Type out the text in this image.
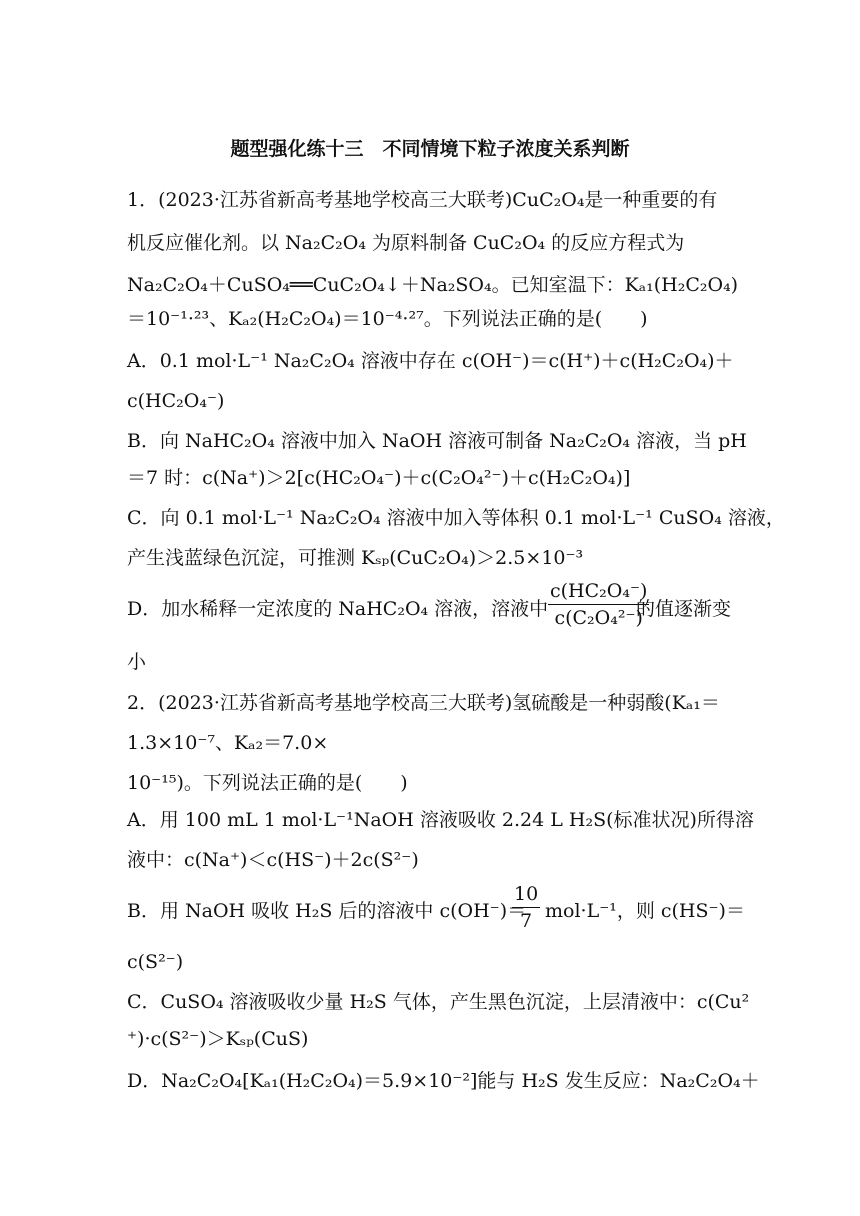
题型强化练十三　不同情境下粒子浓度关系判断
1．(2023·江苏省新高考基地学校高三大联考)CuC₂O₄是一种重要的有
机反应催化剂。以 Na₂C₂O₄ 为原料制备 CuC₂O₄ 的反应方程式为
Na₂C₂O₄＋CuSO₄══CuC₂O₄↓＋Na₂SO₄。已知室温下：Kₐ₁(H₂C₂O₄)
＝10⁻¹·²³、Kₐ₂(H₂C₂O₄)＝10⁻⁴·²⁷。下列说法正确的是(　　)
A．0.1 mol·L⁻¹ Na₂C₂O₄ 溶液中存在 c(OH⁻)＝c(H⁺)＋c(H₂C₂O₄)＋
c(HC₂O₄⁻)
B．向 NaHC₂O₄ 溶液中加入 NaOH 溶液可制备 Na₂C₂O₄ 溶液，当 pH
＝7 时：c(Na⁺)＞2[c(HC₂O₄⁻)＋c(C₂O₄²⁻)＋c(H₂C₂O₄)]
C．向 0.1 mol·L⁻¹ Na₂C₂O₄ 溶液中加入等体积 0.1 mol·L⁻¹ CuSO₄ 溶液，
产生浅蓝绿色沉淀，可推测 Kₛₚ(CuC₂O₄)＞2.5×10⁻³
D．加水稀释一定浓度的 NaHC₂O₄ 溶液，溶液中 $\frac{\text{c(HC₂O₄⁻)}}{\text{c(C₂O₄²⁻)}}$
的值逐渐变
小
2．(2023·江苏省新高考基地学校高三大联考)氢硫酸是一种弱酸(Kₐ₁＝
1.3×10⁻⁷、Kₐ₂＝7.0×
10⁻¹⁵)。下列说法正确的是(　　)
A．用 100 mL 1 mol·L⁻¹NaOH 溶液吸收 2.24 L H₂S(标准状况)所得溶
液中：c(Na⁺)＜c(HS⁻)＋2c(S²⁻)
B．用 NaOH 吸收 H₂S 后的溶液中 c(OH⁻)＝
$\frac{10}{7} mol\cdot L^{-1}$，则 c(HS⁻)＝
c(S²⁻)
C．CuSO₄ 溶液吸收少量 H₂S 气体，产生黑色沉淀，上层清液中：c(Cu²
⁺)·c(S²⁻)＞Kₛₚ(CuS)
D．Na₂C₂O₄[Kₐ₁(H₂C₂O₄)＝5.9×10⁻²]能与 H₂S 发生反应：Na₂C₂O₄＋
